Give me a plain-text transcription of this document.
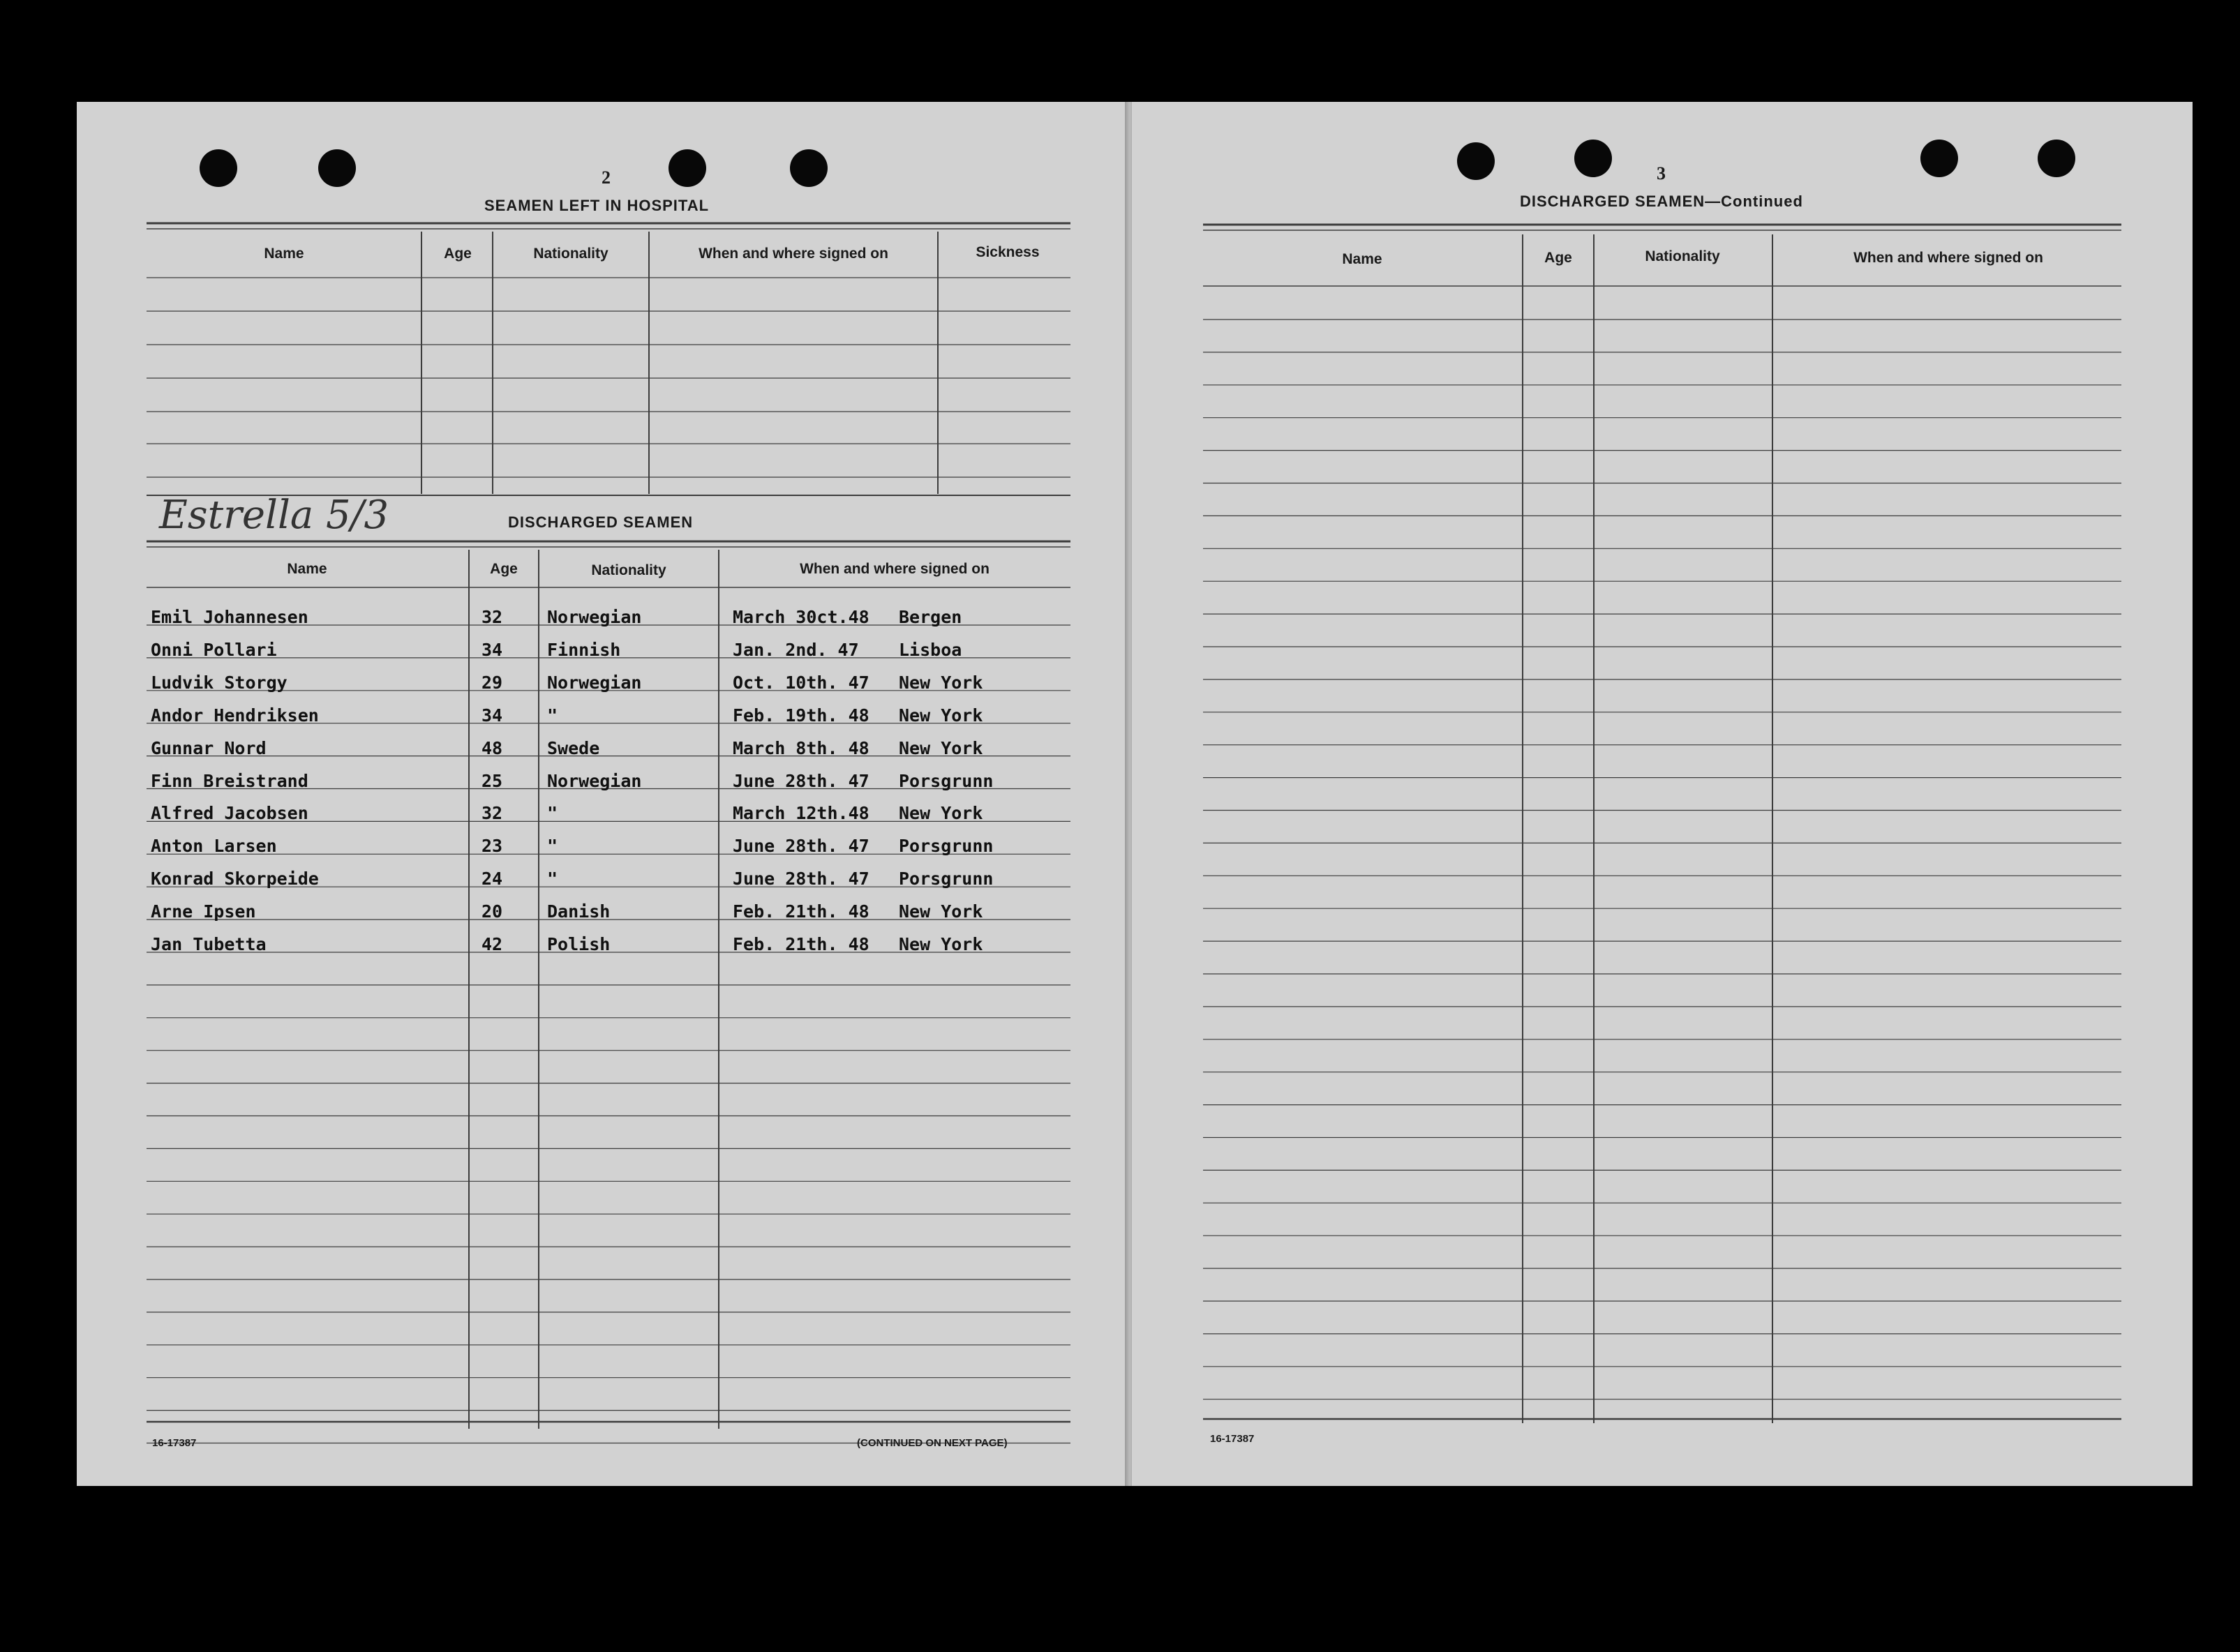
2
SEAMEN LEFT IN HOSPITAL
Name	Age	Nationality	When and where signed on	Sickness
Estrella 5/3	DISCHARGED SEAMEN
Name	Age	Nationality	When and where signed on
Emil Johannesen	32	Norwegian	March 30ct.48 Bergen
Onni Pollari	34	Finnish	Jan. 2nd. 47 Lisboa
Ludvik Storgy	29	Norwegian	Oct. 10th. 47 New York
Andor Hendriksen	34	"	Feb. 19th. 48 New York
Gunnar Nord	48	Swede	March 8th. 48 New York
Finn Breistrand	25	Norwegian	June 28th. 47 Porsgrunn
Alfred Jacobsen	32	"	March 12th.48 New York
Anton Larsen	23	"	June 28th. 47 Porsgrunn
Konrad Skorpeide	24	"	June 28th. 47 Porsgrunn
Arne Ipsen	20	Danish	Feb. 21th. 48 New York
Jan Tubetta	42	Polish	Feb. 21th. 48 New York
16-17387	(CONTINUED ON NEXT PAGE)
3
DISCHARGED SEAMEN—Continued
Name	Age	Nationality	When and where signed on
16-17387
